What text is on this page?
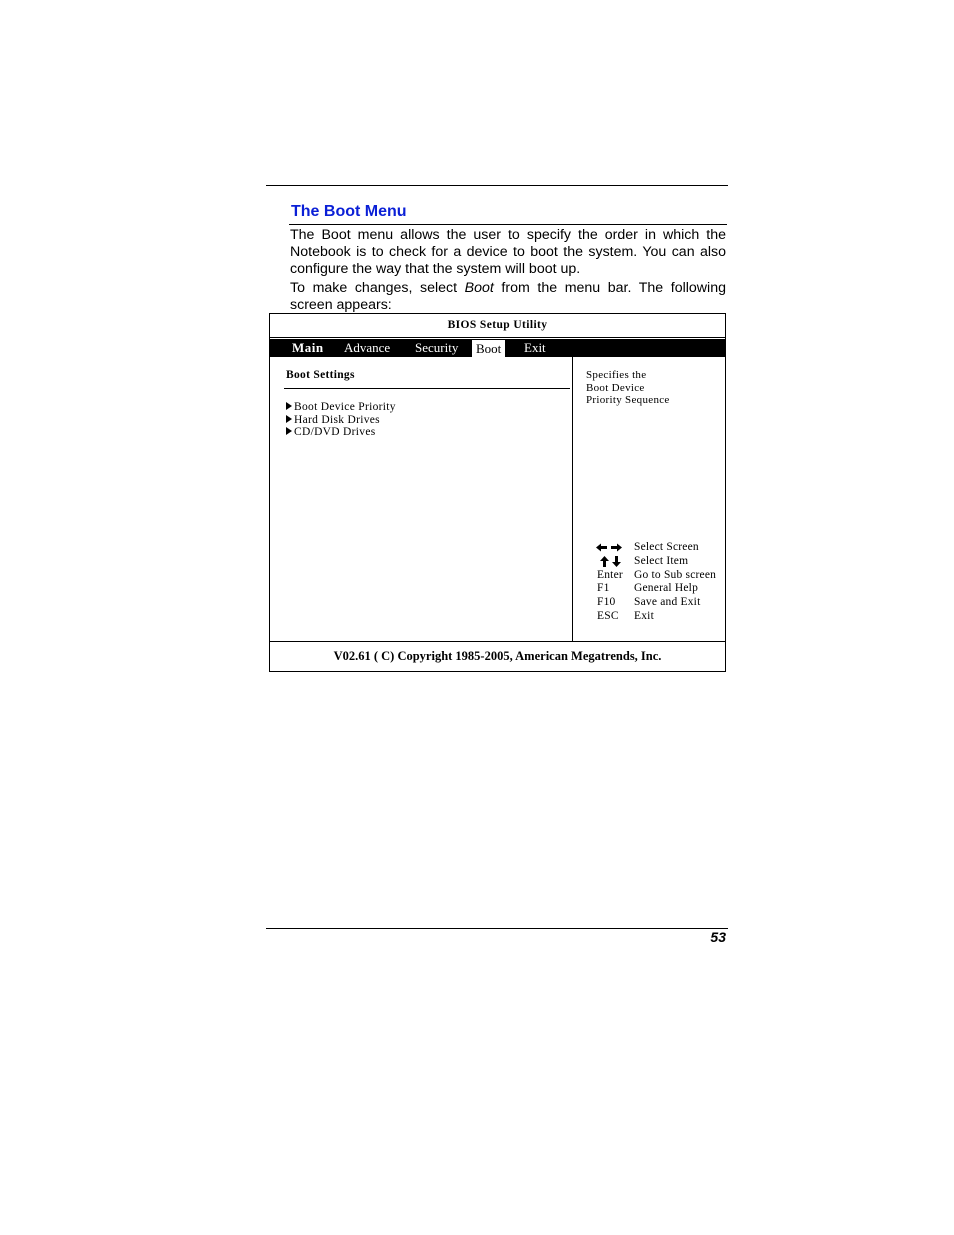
The Boot Menu

The Boot menu allows the user to specify the order in which the Notebook is to check for a device to boot the system. You can also configure the way that the system will boot up.

To make changes, select Boot from the menu bar. The following screen appears:

BIOS Setup Utility
Main Advance Security	Boot	Exit
Boot Settings
Boot Device Priority
Hard Disk Drives
CD/DVD Drives
Specifies the
Boot Device
Priority Sequence
Select Screen
Select Item
Enter Go to Sub screen
F1	General Help
F10	Save and Exit
ESC	Exit
V02.61 ( C) Copyright 1985-2005, American Megatrends, Inc.
53
